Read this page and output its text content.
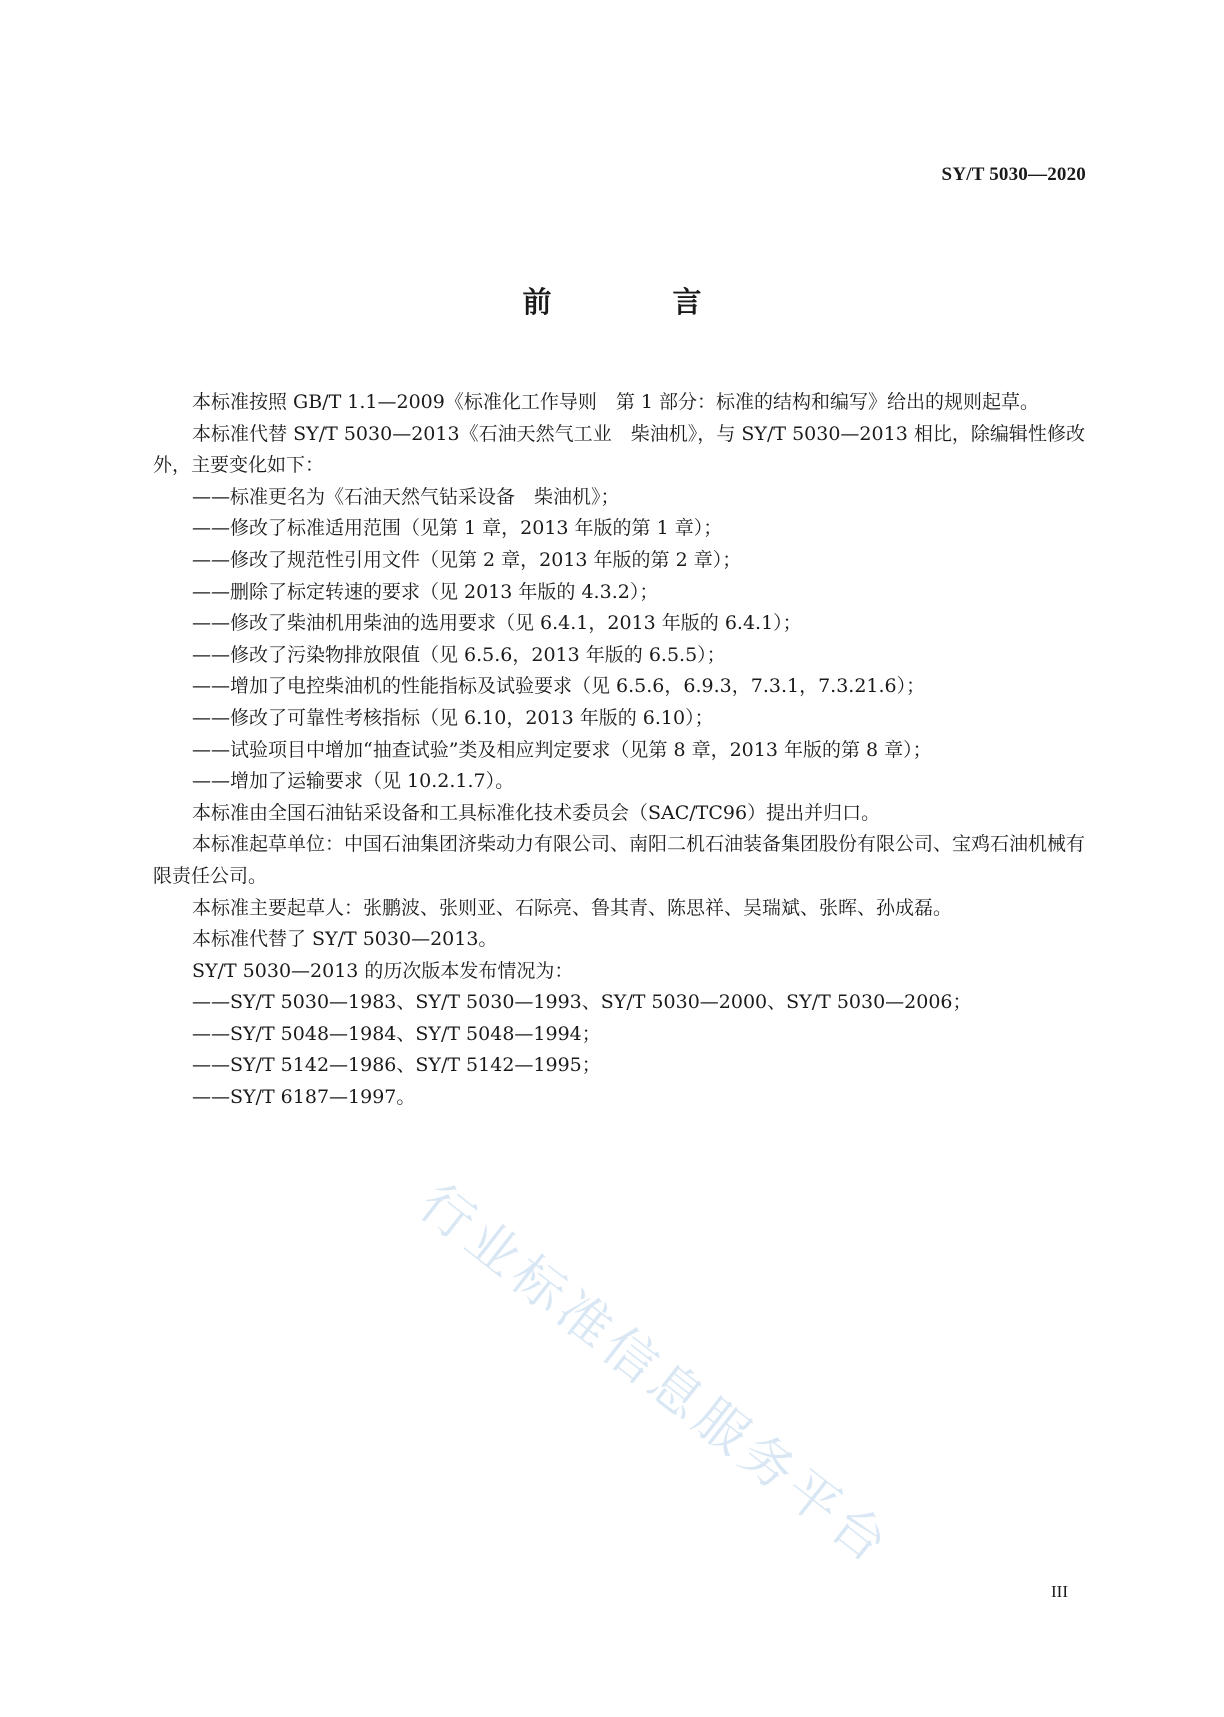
SY/T 5030—2020
前　言

本标准按照 GB/T 1.1—2009《标准化工作导则　第 1 部分：标准的结构和编写》给出的规则起草。

本标准代替 SY/T 5030—2013《石油天然气工业　柴油机》，与 SY/T 5030—2013 相比，除编辑性修改外，主要变化如下：

——标准更名为《石油天然气钻采设备　柴油机》；

——修改了标准适用范围（见第 1 章，2013 年版的第 1 章）；

——修改了规范性引用文件（见第 2 章，2013 年版的第 2 章）；

——删除了标定转速的要求（见 2013 年版的 4.3.2）；

——修改了柴油机用柴油的选用要求（见 6.4.1，2013 年版的 6.4.1）；

——修改了污染物排放限值（见 6.5.6，2013 年版的 6.5.5）；

——增加了电控柴油机的性能指标及试验要求（见 6.5.6，6.9.3，7.3.1，7.3.21.6）；

——修改了可靠性考核指标（见 6.10，2013 年版的 6.10）；

——试验项目中增加“抽查试验”类及相应判定要求（见第 8 章，2013 年版的第 8 章）；

——增加了运输要求（见 10.2.1.7）。

本标准由全国石油钻采设备和工具标准化技术委员会（SAC/TC96）提出并归口。

本标准起草单位：中国石油集团济柴动力有限公司、南阳二机石油装备集团股份有限公司、宝鸡石油机械有限责任公司。

本标准主要起草人：张鹏波、张则亚、石际亮、鲁其青、陈思祥、吴瑞斌、张晖、孙成磊。

本标准代替了 SY/T 5030—2013。

SY/T 5030—2013 的历次版本发布情况为：

——SY/T 5030—1983、SY/T 5030—1993、SY/T 5030—2000、SY/T 5030—2006；

——SY/T 5048—1984、SY/T 5048—1994；

——SY/T 5142—1986、SY/T 5142—1995；

——SY/T 6187—1997。

行业标准信息服务平台
III
